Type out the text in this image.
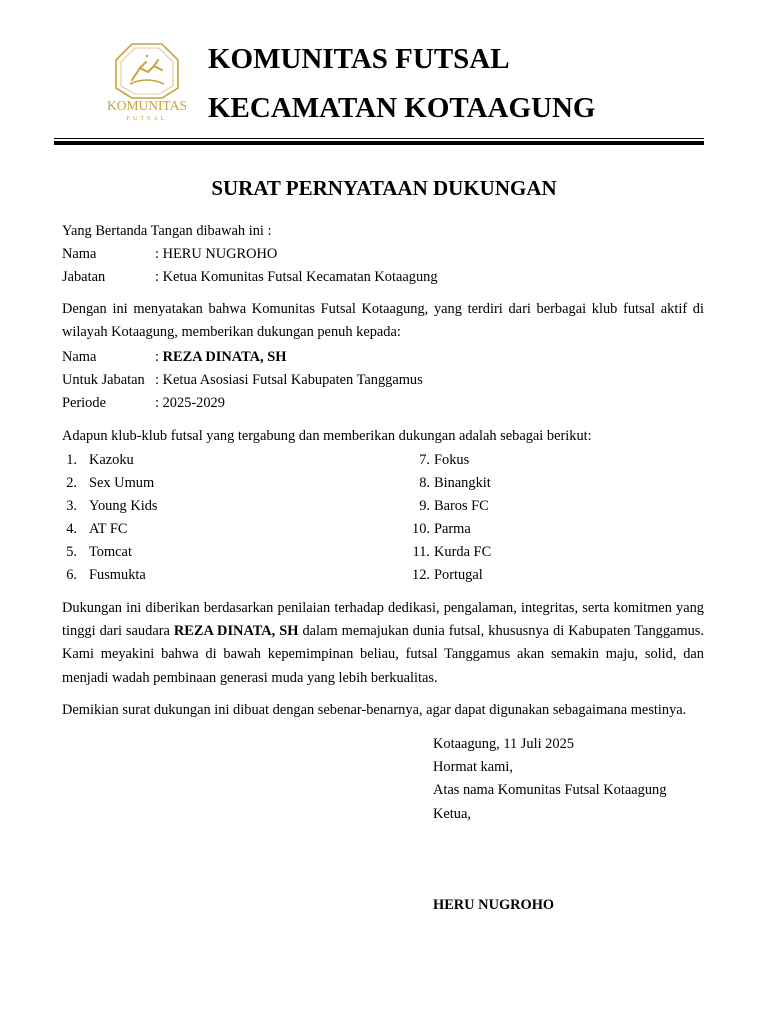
KOMUNITAS
FUTSAL
KOMUNITAS FUTSAL
KECAMATAN KOTAAGUNG
SURAT PERNYATAAN DUKUNGAN
Yang Bertanda Tangan dibawah ini :
Nama	: HERU NUGROHO
Jabatan	: Ketua Komunitas Futsal Kecamatan Kotaagung
Dengan ini menyatakan bahwa Komunitas Futsal Kotaagung, yang terdiri dari berbagai klub futsal aktif di wilayah Kotaagung, memberikan dukungan penuh kepada:
Nama	: REZA DINATA, SH
Untuk Jabatan : Ketua Asosiasi Futsal Kabupaten Tanggamus
Periode	: 2025-2029
Adapun klub-klub futsal yang tergabung dan memberikan dukungan adalah sebagai berikut:
1. Kazoku
2. Sex Umum
3. Young Kids
4. AT FC
5. Tomcat
6. Fusmukta
7. Fokus
8. Binangkit
9. Baros FC
10. Parma
11. Kurda FC
12. Portugal
Dukungan ini diberikan berdasarkan penilaian terhadap dedikasi, pengalaman, integritas, serta komitmen yang tinggi dari saudara REZA DINATA, SH dalam memajukan dunia futsal, khususnya di Kabupaten Tanggamus. Kami meyakini bahwa di bawah kepemimpinan beliau, futsal Tanggamus akan semakin maju, solid, dan menjadi wadah pembinaan generasi muda yang lebih berkualitas.
Demikian surat dukungan ini dibuat dengan sebenar-benarnya, agar dapat digunakan sebagaimana mestinya.
Kotaagung, 11 Juli 2025
Hormat kami,
Atas nama Komunitas Futsal Kotaagung
Ketua,
HERU NUGROHO
